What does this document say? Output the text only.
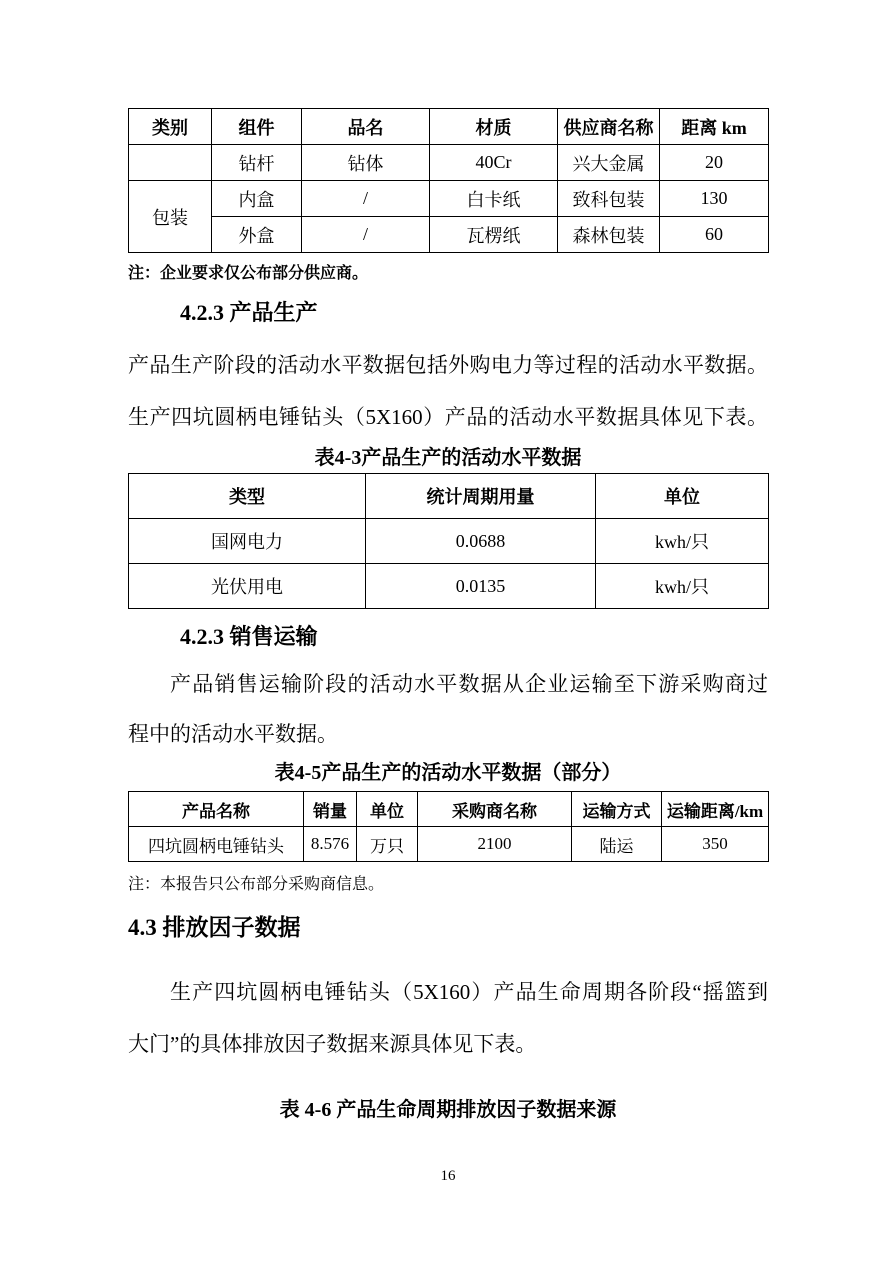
类别	组件	品名	材质	供应商名称	距离 km
	钻杆	钻体	40Cr	兴大金属	20
包装	内盒	/	白卡纸	致科包装	130
	外盒	/	瓦楞纸	森林包装	60
注：企业要求仅公布部分供应商。
4.2.3 产品生产
产品生产阶段的活动水平数据包括外购电力等过程的活动水平数据。
生产四坑圆柄电锤钻头（5X160）产品的活动水平数据具体见下表。
表4-3产品生产的活动水平数据
类型	统计周期用量	单位
国网电力	0.0688	kwh/只
光伏用电	0.0135	kwh/只
4.2.3 销售运输
产品销售运输阶段的活动水平数据从企业运输至下游采购商过
程中的活动水平数据。
表4-5产品生产的活动水平数据（部分）
产品名称	销量	单位	采购商名称	运输方式	运输距离/km
四坑圆柄电锤钻头	8.576	万只	2100	陆运	350
注：本报告只公布部分采购商信息。
4.3 排放因子数据
生产四坑圆柄电锤钻头（5X160）产品生命周期各阶段“摇篮到
大门”的具体排放因子数据来源具体见下表。
表 4-6 产品生命周期排放因子数据来源
16
